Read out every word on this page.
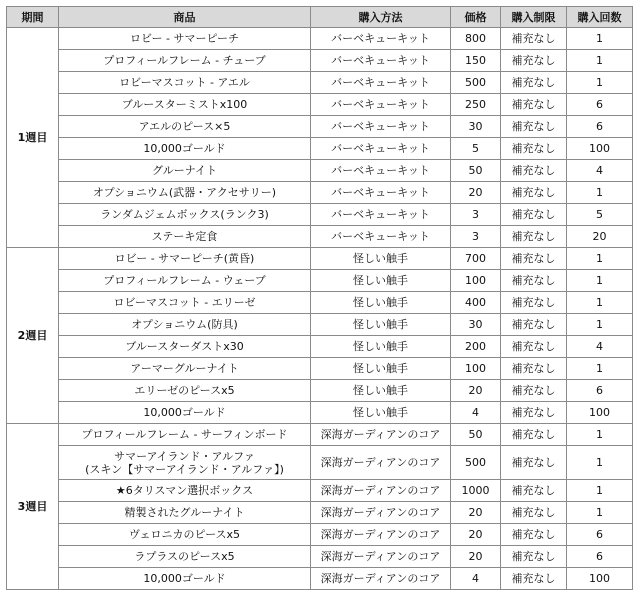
期間	商品	購入方法	価格	購入制限	購入回数
1週目	ロビー - サマーピーチ	バーベキューキット	800	補充なし	1

	プロフィールフレーム - チューブ	バーベキューキット	150	補充なし	1

	ロビーマスコット - アエル	バーベキューキット	500	補充なし	1

	ブルースターミストx100	バーベキューキット	250	補充なし	6

	アエルのピース×5	バーベキューキット	30	補充なし	6

	10,000ゴールド	バーベキューキット	5	補充なし	100

	グルーナイト	バーベキューキット	50	補充なし	4

	オプショニウム(武器・アクセサリー)	バーベキューキット	20	補充なし	1

	ランダムジェムボックス(ランク3)	バーベキューキット	3	補充なし	5

	ステーキ定食	バーベキューキット	3	補充なし	20
2週目	ロビー - サマーピーチ(黄昏)	怪しい触手	700	補充なし	1

	プロフィールフレーム - ウェーブ	怪しい触手	100	補充なし	1

	ロビーマスコット - エリーゼ	怪しい触手	400	補充なし	1

	オプショニウム(防具)	怪しい触手	30	補充なし	1

	ブルースターダストx30	怪しい触手	200	補充なし	4

	アーマーグルーナイト	怪しい触手	100	補充なし	1

	エリーゼのピースx5	怪しい触手	20	補充なし	6

	10,000ゴールド	怪しい触手	4	補充なし	100
3週目	プロフィールフレーム - サーフィンボード	深海ガーディアンのコア	50	補充なし	1

	サマーアイランド・アルファ
(スキン【サマーアイランド・アルファ】)	深海ガーディアンのコア	500	補充なし	1

	★6タリスマン選択ボックス	深海ガーディアンのコア	1000	補充なし	1

	精製されたグルーナイト	深海ガーディアンのコア	20	補充なし	1

	ヴェロニカのピースx5	深海ガーディアンのコア	20	補充なし	6

	ラプラスのピースx5	深海ガーディアンのコア	20	補充なし	6

	10,000ゴールド	深海ガーディアンのコア	4	補充なし	100
